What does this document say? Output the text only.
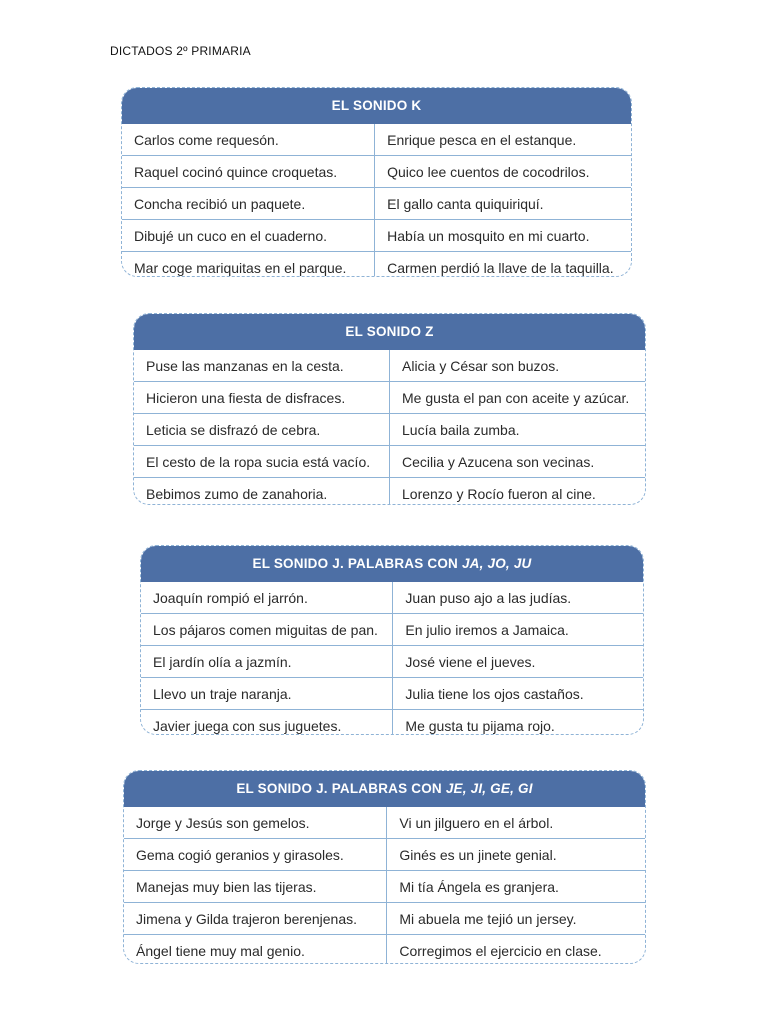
DICTADOS 2º PRIMARIA
EL SONIDO K
Carlos come requesón.	Enrique pesca en el estanque.
Raquel cocinó quince croquetas.	Quico lee cuentos de cocodrilos.
Concha recibió un paquete.	El gallo canta quiquiriquí.
Dibujé un cuco en el cuaderno.	Había un mosquito en mi cuarto.
Mar coge mariquitas en el parque.	Carmen perdió la llave de la taquilla.
EL SONIDO Z
Puse las manzanas en la cesta.	Alicia y César son buzos.
Hicieron una fiesta de disfraces.	Me gusta el pan con aceite y azúcar.
Leticia se disfrazó de cebra.	Lucía baila zumba.
El cesto de la ropa sucia está vacío.	Cecilia y Azucena son vecinas.
Bebimos zumo de zanahoria.	Lorenzo y Rocío fueron al cine.
EL SONIDO J. PALABRAS CON JA, JO, JU
Joaquín rompió el jarrón.	Juan puso ajo a las judías.
Los pájaros comen miguitas de pan.	En julio iremos a Jamaica.
El jardín olía a jazmín.	José viene el jueves.
Llevo un traje naranja.	Julia tiene los ojos castaños.
Javier juega con sus juguetes.	Me gusta tu pijama rojo.
EL SONIDO J. PALABRAS CON JE, JI, GE, GI
Jorge y Jesús son gemelos.	Vi un jilguero en el árbol.
Gema cogió geranios y girasoles.	Ginés es un jinete genial.
Manejas muy bien las tijeras.	Mi tía Ángela es granjera.
Jimena y Gilda trajeron berenjenas.	Mi abuela me tejió un jersey.
Ángel tiene muy mal genio.	Corregimos el ejercicio en clase.
